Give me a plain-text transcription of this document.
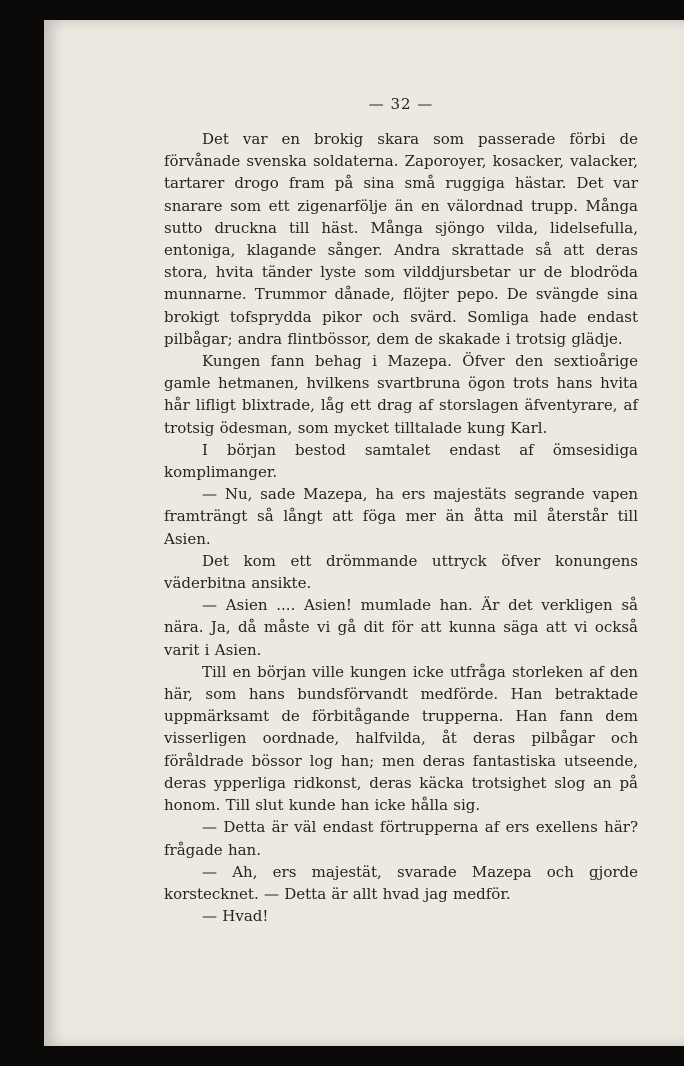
— 32 —

Det var en brokig skara som passerade förbi de förvånade svenska soldaterna. Zaporoyer, kosacker, valacker, tartarer drogo fram på sina små ruggiga hästar. Det var snarare som ett zigenarfölje än en välordnad trupp. Många sutto druckna till häst. Många sjöngo vilda, lidelsefulla, entoniga, klagande sånger. Andra skrattade så att deras stora, hvita tänder lyste som vilddjursbetar ur de blodröda munnarne. Trummor dånade, flöjter pepo. De svängde sina brokigt tofsprydda pikor och svärd. Somliga hade endast pilbågar; andra flintbössor, dem de skakade i trotsig glädje.

Kungen fann behag i Mazepa. Öfver den sextioårige gamle hetmanen, hvilkens svartbruna ögon trots hans hvita hår lifligt blixtrade, låg ett drag af storslagen äfventyrare, af trotsig ödesman, som mycket tilltalade kung Karl.

I början bestod samtalet endast af ömsesidiga komplimanger.

— Nu, sade Mazepa, ha ers majestäts segrande vapen framträngt så långt att föga mer än åtta mil återstår till Asien.

Det kom ett drömmande uttryck öfver konungens väderbitna ansikte.

— Asien .... Asien! mumlade han. Är det verkligen så nära. Ja, då måste vi gå dit för att kunna säga att vi också varit i Asien.

Till en början ville kungen icke utfråga storleken af den här, som hans bundsförvandt medförde. Han betraktade uppmärksamt de förbitågande trupperna. Han fann dem visserligen oordnade, halfvilda, åt deras pilbågar och föråldrade bössor log han; men deras fantastiska utseende, deras ypperliga ridkonst, deras käcka trotsighet slog an på honom. Till slut kunde han icke hålla sig.

— Detta är väl endast förtrupperna af ers exellens här? frågade han.

— Ah, ers majestät, svarade Mazepa och gjorde korstecknet. — Detta är allt hvad jag medför.

— Hvad!
